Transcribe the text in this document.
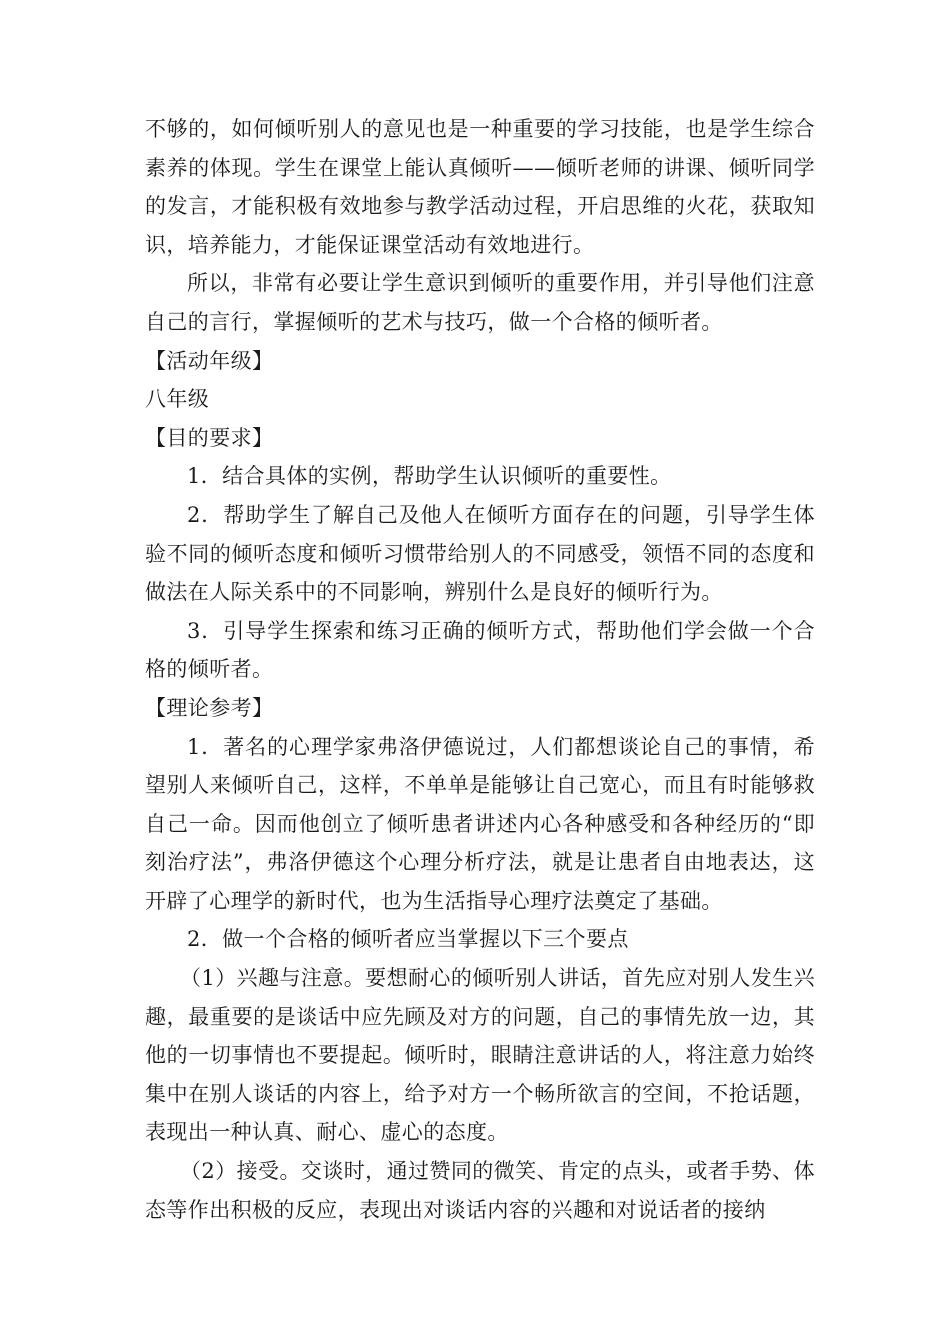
不够的，如何倾听别人的意见也是一种重要的学习技能，也是学生综合素养的体现。学生在课堂上能认真倾听——倾听老师的讲课、倾听同学的发言，才能积极有效地参与教学活动过程，开启思维的火花，获取知识，培养能力，才能保证课堂活动有效地进行。

所以，非常有必要让学生意识到倾听的重要作用，并引导他们注意自己的言行，掌握倾听的艺术与技巧，做一个合格的倾听者。

【活动年级】

八年级

【目的要求】

1．结合具体的实例，帮助学生认识倾听的重要性。

2．帮助学生了解自己及他人在倾听方面存在的问题，引导学生体验不同的倾听态度和倾听习惯带给别人的不同感受，领悟不同的态度和做法在人际关系中的不同影响，辨别什么是良好的倾听行为。

3．引导学生探索和练习正确的倾听方式，帮助他们学会做一个合格的倾听者。

【理论参考】

1．著名的心理学家弗洛伊德说过，人们都想谈论自己的事情，希望别人来倾听自己，这样，不单单是能够让自己宽心，而且有时能够救自己一命。因而他创立了倾听患者讲述内心各种感受和各种经历的“即刻治疗法”，弗洛伊德这个心理分析疗法，就是让患者自由地表达，这开辟了心理学的新时代，也为生活指导心理疗法奠定了基础。

2．做一个合格的倾听者应当掌握以下三个要点

（1）兴趣与注意。要想耐心的倾听别人讲话，首先应对别人发生兴趣，最重要的是谈话中应先顾及对方的问题，自己的事情先放一边，其他的一切事情也不要提起。倾听时，眼睛注意讲话的人，将注意力始终集中在别人谈话的内容上，给予对方一个畅所欲言的空间，不抢话题，表现出一种认真、耐心、虚心的态度。

（2）接受。交谈时，通过赞同的微笑、肯定的点头，或者手势、体态等作出积极的反应，表现出对谈话内容的兴趣和对说话者的接纳
